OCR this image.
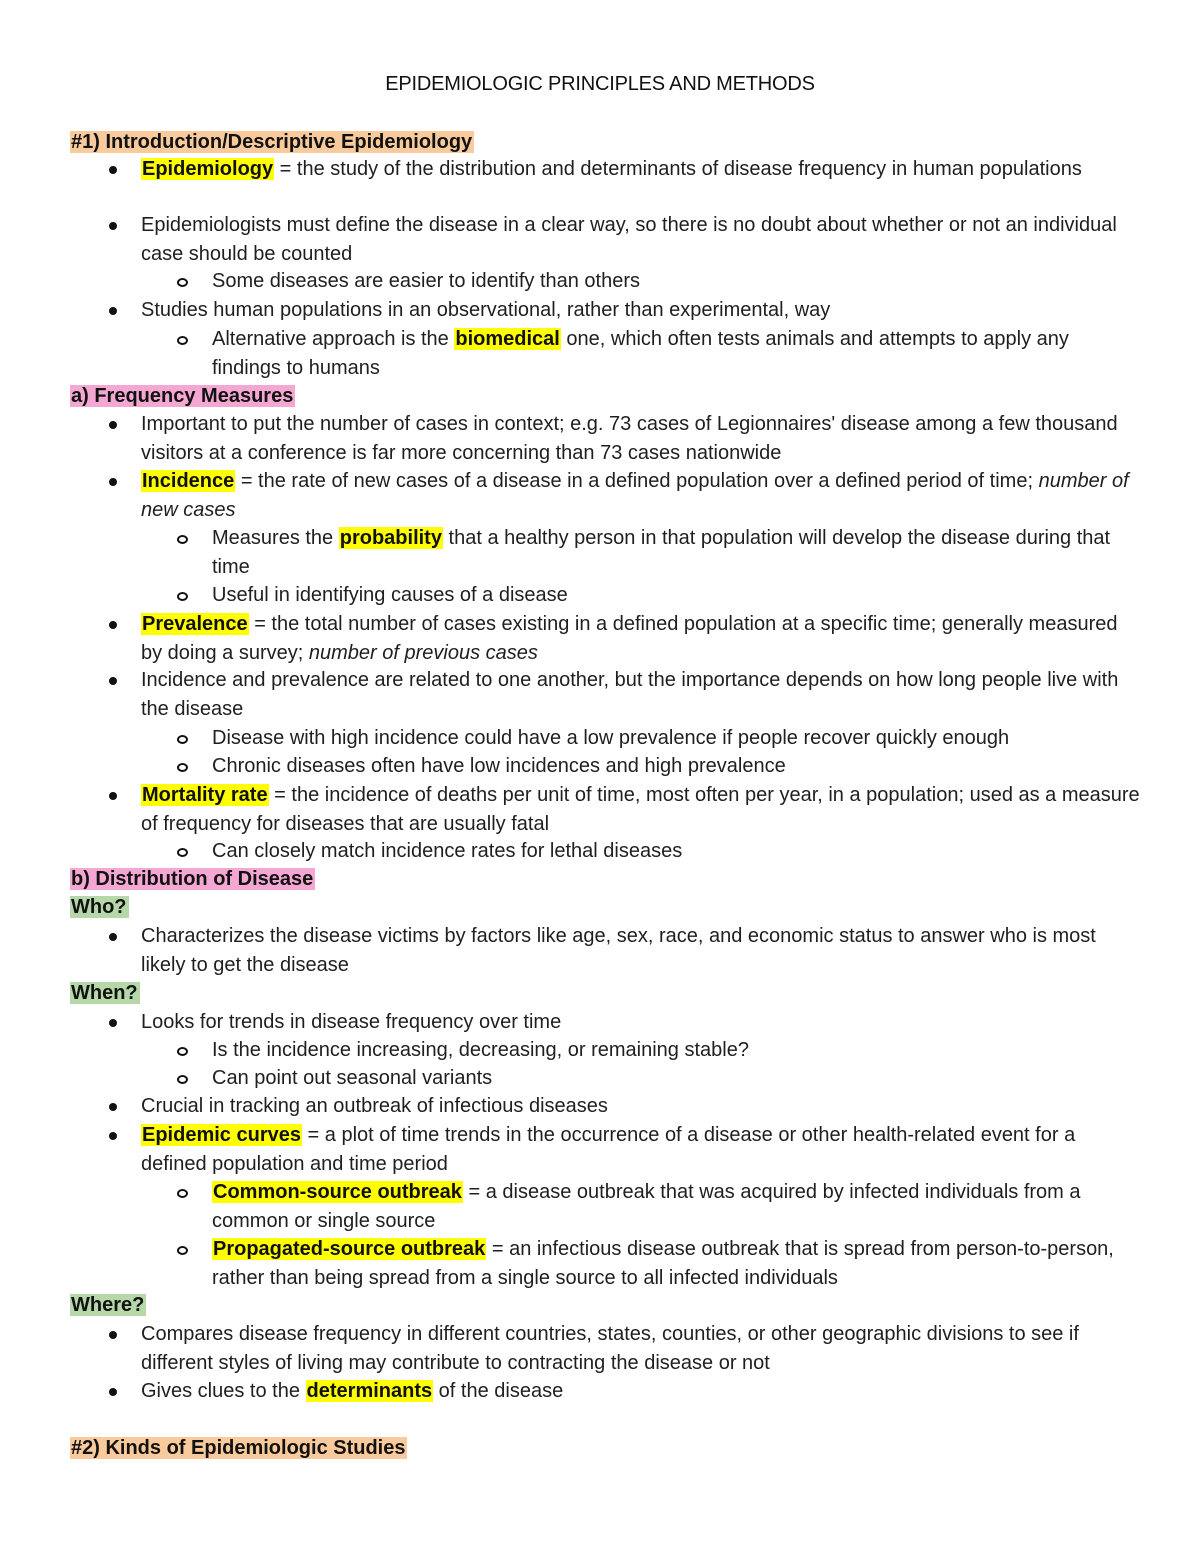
EPIDEMIOLOGIC PRINCIPLES AND METHODS
#1) Introduction/Descriptive Epidemiology
Epidemiology = the study of the distribution and determinants of disease frequency in human populations
Epidemiologists must define the disease in a clear way, so there is no doubt about whether or not an individual case should be counted
Some diseases are easier to identify than others
Studies human populations in an observational, rather than experimental, way
Alternative approach is the biomedical one, which often tests animals and attempts to apply any findings to humans
a) Frequency Measures
Important to put the number of cases in context; e.g. 73 cases of Legionnaires' disease among a few thousand visitors at a conference is far more concerning than 73 cases nationwide
Incidence = the rate of new cases of a disease in a defined population over a defined period of time; number of new cases
Measures the probability that a healthy person in that population will develop the disease during that time
Useful in identifying causes of a disease
Prevalence = the total number of cases existing in a defined population at a specific time; generally measured by doing a survey; number of previous cases
Incidence and prevalence are related to one another, but the importance depends on how long people live with the disease
Disease with high incidence could have a low prevalence if people recover quickly enough
Chronic diseases often have low incidences and high prevalence
Mortality rate = the incidence of deaths per unit of time, most often per year, in a population; used as a measure of frequency for diseases that are usually fatal
Can closely match incidence rates for lethal diseases
b) Distribution of Disease
Who?
Characterizes the disease victims by factors like age, sex, race, and economic status to answer who is most likely to get the disease
When?
Looks for trends in disease frequency over time
Is the incidence increasing, decreasing, or remaining stable?
Can point out seasonal variants
Crucial in tracking an outbreak of infectious diseases
Epidemic curves = a plot of time trends in the occurrence of a disease or other health-related event for a defined population and time period
Common-source outbreak = a disease outbreak that was acquired by infected individuals from a common or single source
Propagated-source outbreak = an infectious disease outbreak that is spread from person-to-person, rather than being spread from a single source to all infected individuals
Where?
Compares disease frequency in different countries, states, counties, or other geographic divisions to see if different styles of living may contribute to contracting the disease or not
Gives clues to the determinants of the disease
#2) Kinds of Epidemiologic Studies
